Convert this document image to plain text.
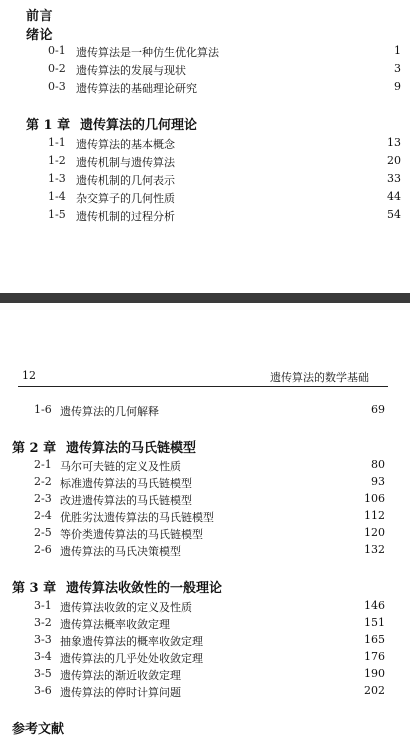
前言
绪论
0-1 遗传算法是一种仿生优化算法	1
0-2 遗传算法的发展与现状	3
0-3 遗传算法的基础理论研究	9
第 1 章 遗传算法的几何理论
1-1 遗传算法的基本概念	13
1-2 遗传机制与遗传算法	20
1-3 遗传机制的几何表示	33
1-4 杂交算子的几何性质	44
1-5 遗传机制的过程分析	54
12	遗传算法的数学基础
1-6 遗传算法的几何解释	69
第 2 章 遗传算法的马氏链模型
2-1 马尔可夫链的定义及性质	80
2-2 标准遗传算法的马氏链模型	93
2-3 改进遗传算法的马氏链模型	106
2-4 优胜劣汰遗传算法的马氏链模型	112
2-5 等价类遗传算法的马氏链模型	120
2-6 遗传算法的马氏决策模型	132
第 3 章 遗传算法收敛性的一般理论
3-1 遗传算法收敛的定义及性质	146
3-2 遗传算法概率收敛定理	151
3-3 抽象遗传算法的概率收敛定理	165
3-4 遗传算法的几乎处处收敛定理	176
3-5 遗传算法的渐近收敛定理	190
3-6 遗传算法的停时计算问题	202
参考文献
